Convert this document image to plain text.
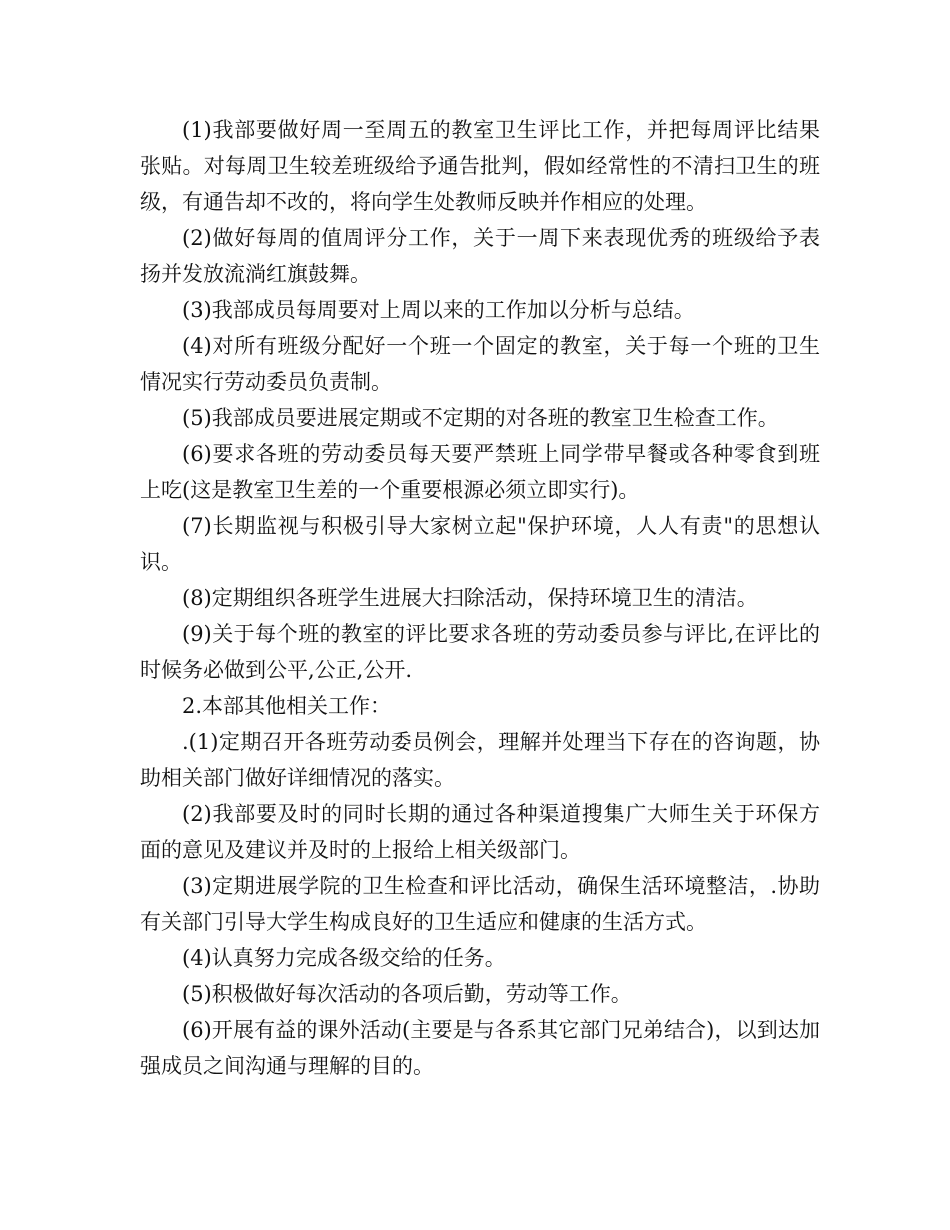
(1)我部要做好周一至周五的教室卫生评比工作，并把每周评比结果张贴。对每周卫生较差班级给予通告批判，假如经常性的不清扫卫生的班级，有通告却不改的，将向学生处教师反映并作相应的处理。

(2)做好每周的值周评分工作，关于一周下来表现优秀的班级给予表扬并发放流淌红旗鼓舞。

(3)我部成员每周要对上周以来的工作加以分析与总结。

(4)对所有班级分配好一个班一个固定的教室，关于每一个班的卫生情况实行劳动委员负责制。

(5)我部成员要进展定期或不定期的对各班的教室卫生检查工作。

(6)要求各班的劳动委员每天要严禁班上同学带早餐或各种零食到班上吃(这是教室卫生差的一个重要根源必须立即实行)。

(7)长期监视与积极引导大家树立起"保护环境，人人有责"的思想认识。

(8)定期组织各班学生进展大扫除活动，保持环境卫生的清洁。

(9)关于每个班的教室的评比要求各班的劳动委员参与评比,在评比的时候务必做到公平,公正,公开.

2.本部其他相关工作：

.(1)定期召开各班劳动委员例会，理解并处理当下存在的咨询题，协助相关部门做好详细情况的落实。

(2)我部要及时的同时长期的通过各种渠道搜集广大师生关于环保方面的意见及建议并及时的上报给上相关级部门。

(3)定期进展学院的卫生检查和评比活动，确保生活环境整洁，.协助有关部门引导大学生构成良好的卫生适应和健康的生活方式。

(4)认真努力完成各级交给的任务。

(5)积极做好每次活动的各项后勤，劳动等工作。

(6)开展有益的课外活动(主要是与各系其它部门兄弟结合)，以到达加强成员之间沟通与理解的目的。
